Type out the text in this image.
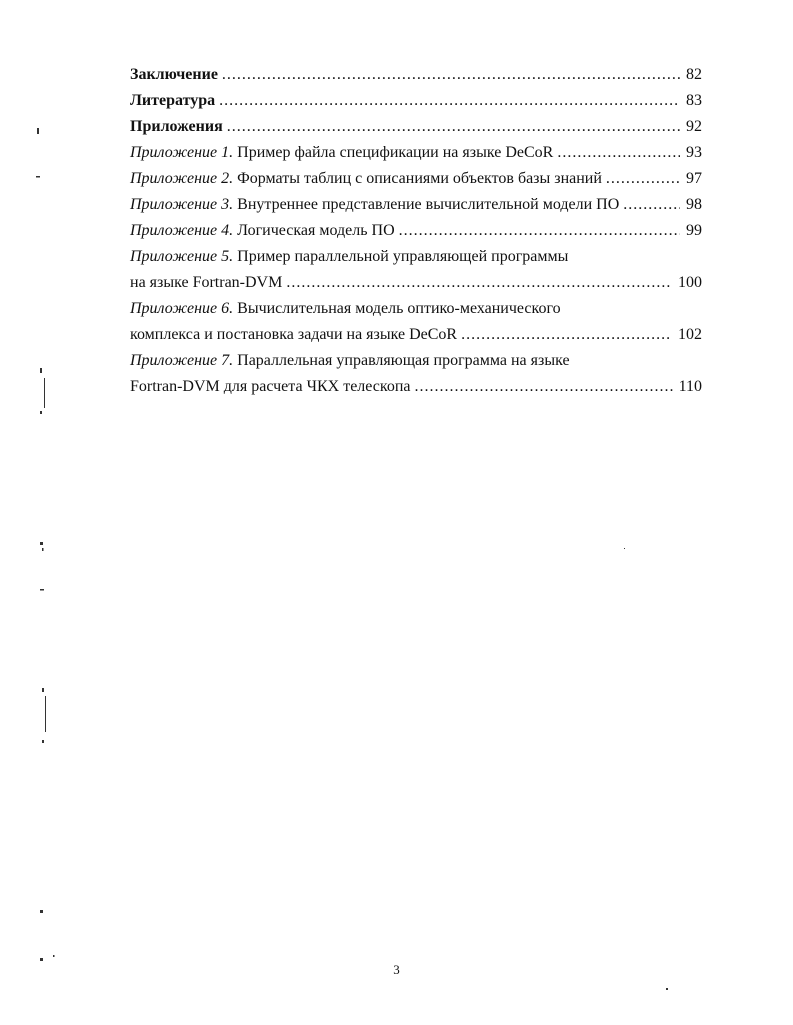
Заключение .....	82
Литература .....	83
Приложения .....	92
Приложение 1. Пример файла спецификации на языке DeCoR .....	93
Приложение 2. Форматы таблиц с описаниями объектов базы знаний .....	97
Приложение 3. Внутреннее представление вычислительной модели ПО .....	98
Приложение 4. Логическая модель ПО .....	99
Приложение 5. Пример параллельной управляющей программы
на языке Fortran-DVM .....	100
Приложение 6. Вычислительная модель оптико-механического
комплекса и постановка задачи на языке DeCoR .....	102
Приложение 7. Параллельная управляющая программа на языке
Fortran-DVM для расчета ЧКХ телескопа .....	110
3
